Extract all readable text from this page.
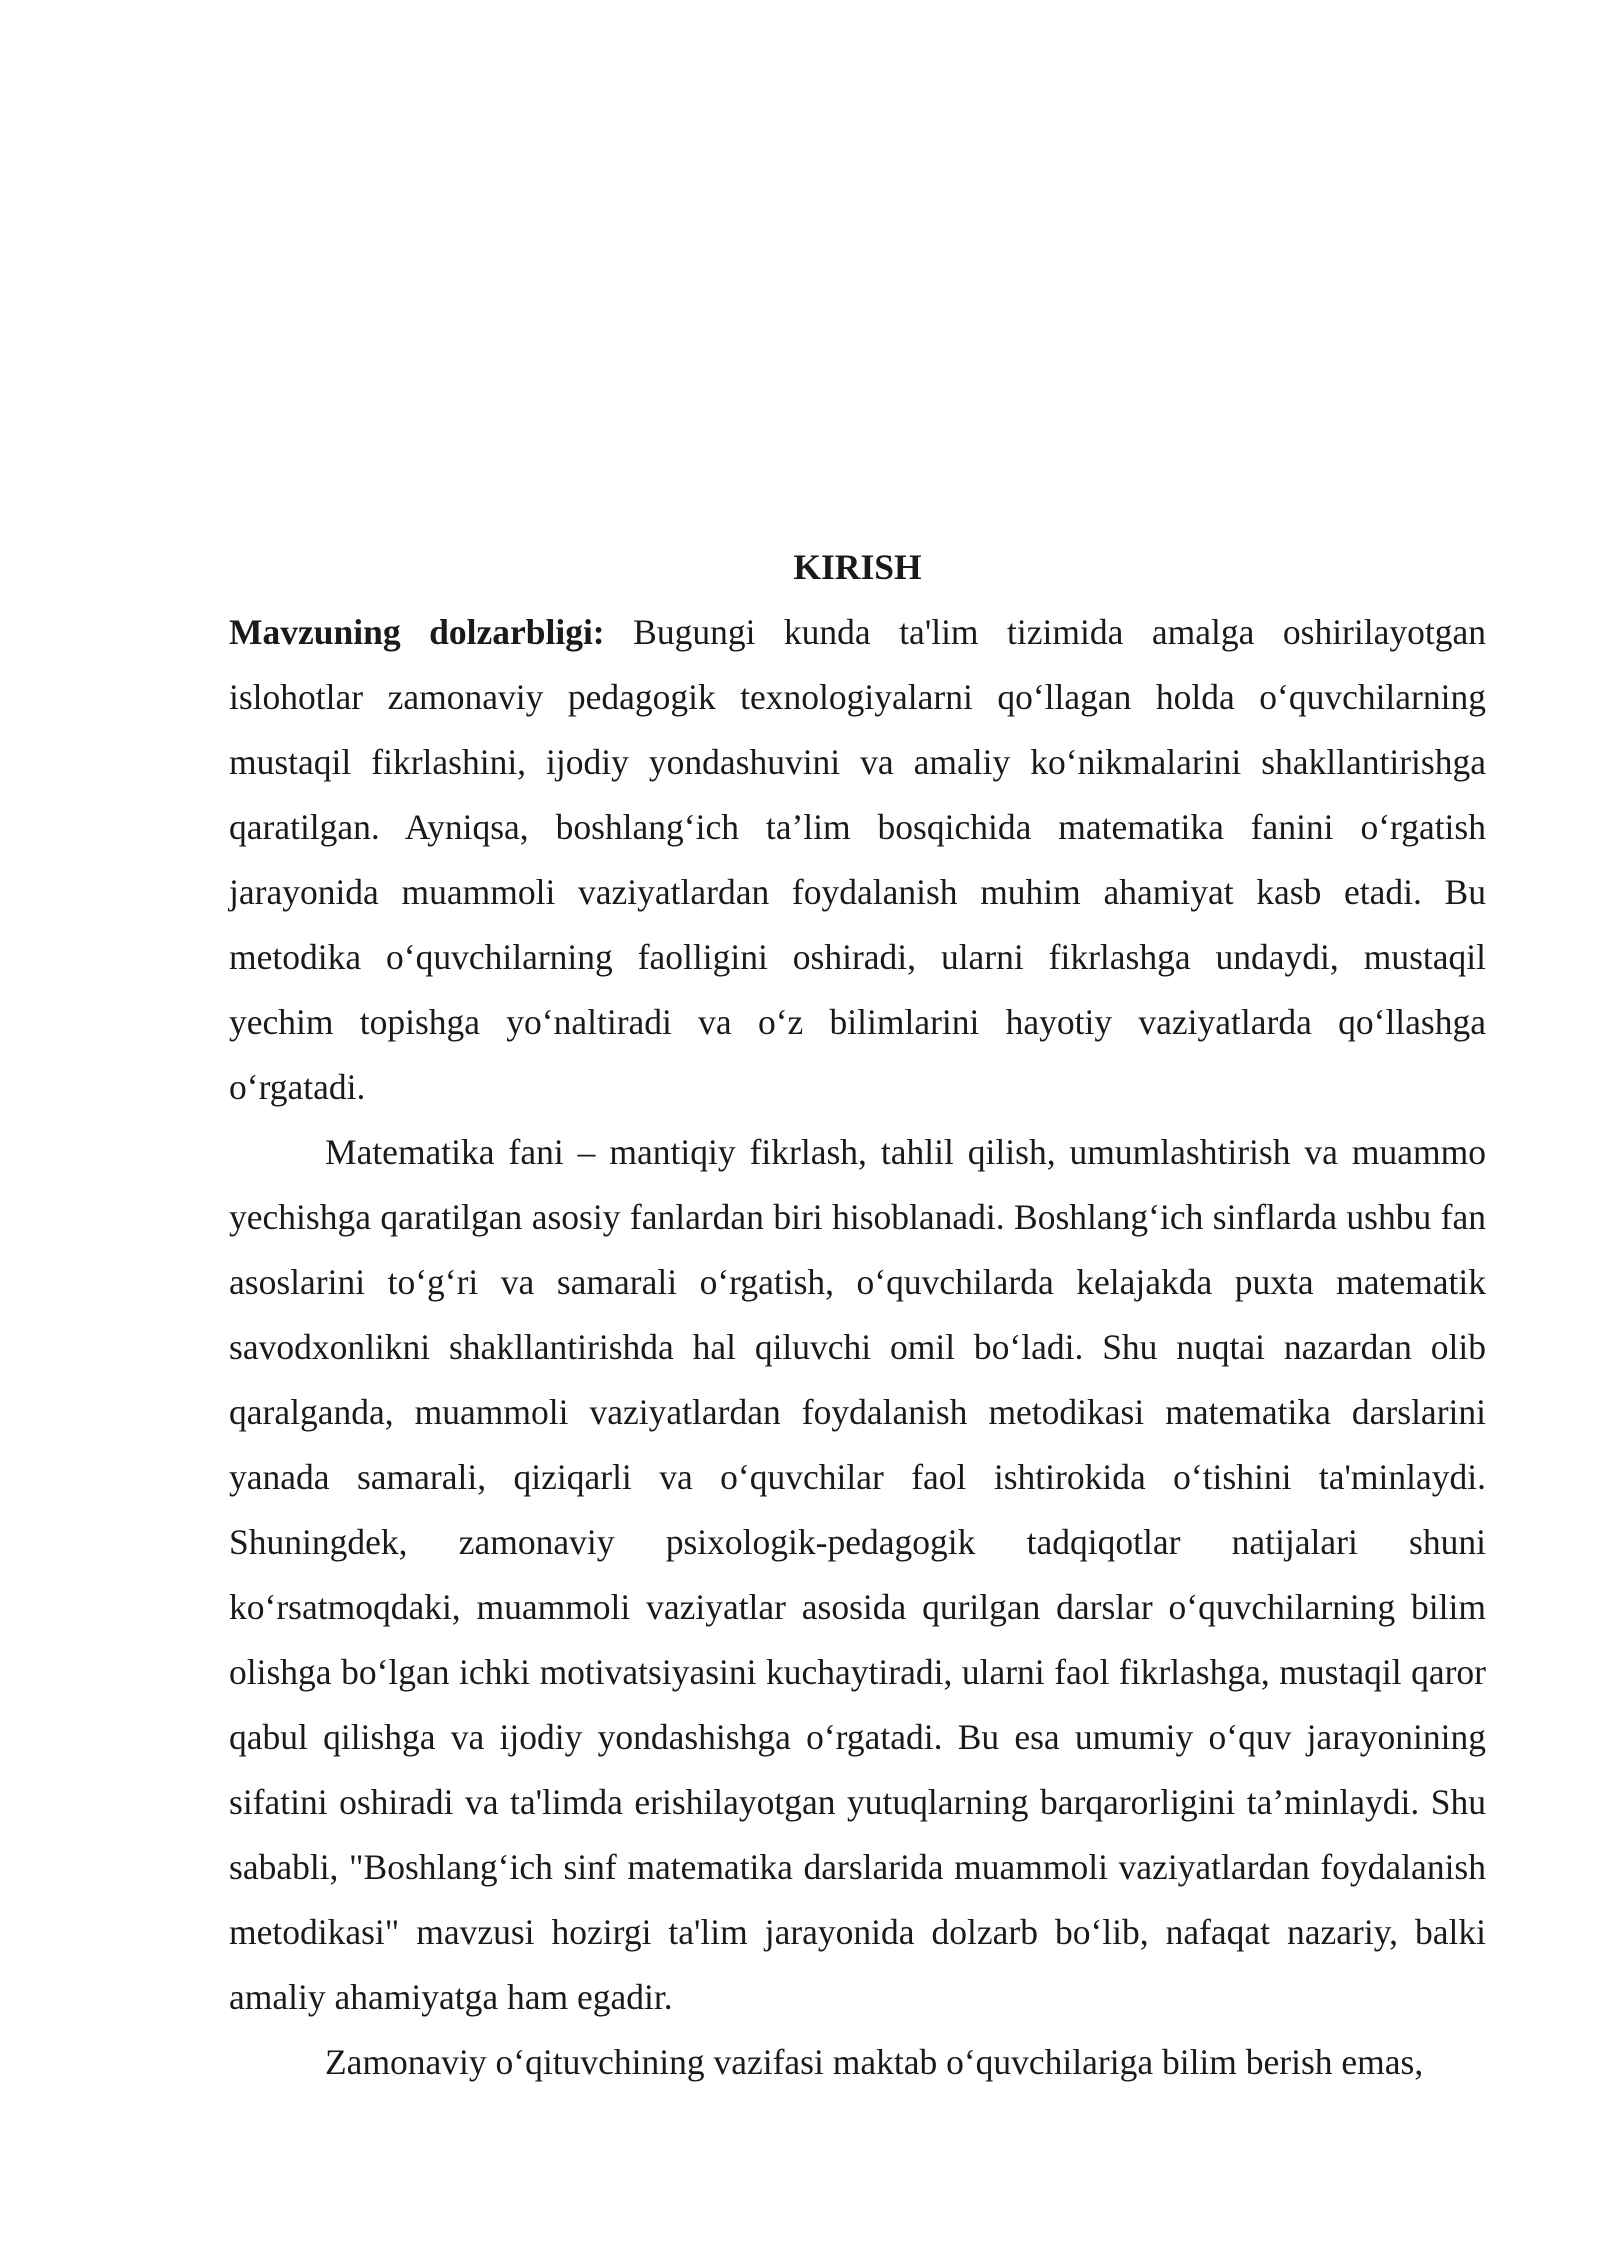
KIRISH

Mavzuning dolzarbligi: Bugungi kunda ta'lim tizimida amalga oshirilayotgan islohotlar zamonaviy pedagogik texnologiyalarni qo‘llagan holda o‘quvchilarning mustaqil fikrlashini, ijodiy yondashuvini va amaliy ko‘nikmalarini shakllantirishga qaratilgan. Ayniqsa, boshlang‘ich ta’lim bosqichida matematika fanini o‘rgatish jarayonida muammoli vaziyatlardan foydalanish muhim ahamiyat kasb etadi. Bu metodika o‘quvchilarning faolligini oshiradi, ularni fikrlashga undaydi, mustaqil yechim topishga yo‘naltiradi va o‘z bilimlarini hayotiy vaziyatlarda qo‘llashga o‘rgatadi.

Matematika fani – mantiqiy fikrlash, tahlil qilish, umumlashtirish va muammo yechishga qaratilgan asosiy fanlardan biri hisoblanadi. Boshlang‘ich sinflarda ushbu fan asoslarini to‘g‘ri va samarali o‘rgatish, o‘quvchilarda kelajakda puxta matematik savodxonlikni shakllantirishda hal qiluvchi omil bo‘ladi. Shu nuqtai nazardan olib qaralganda, muammoli vaziyatlardan foydalanish metodikasi matematika darslarini yanada samarali, qiziqarli va o‘quvchilar faol ishtirokida o‘tishini ta'minlaydi. Shuningdek, zamonaviy psixologik-pedagogik tadqiqotlar natijalari shuni ko‘rsatmoqdaki, muammoli vaziyatlar asosida qurilgan darslar o‘quvchilarning bilim olishga bo‘lgan ichki motivatsiyasini kuchaytiradi, ularni faol fikrlashga, mustaqil qaror qabul qilishga va ijodiy yondashishga o‘rgatadi. Bu esa umumiy o‘quv jarayonining sifatini oshiradi va ta'limda erishilayotgan yutuqlarning barqarorligini ta’minlaydi. Shu sababli, "Boshlang‘ich sinf matematika darslarida muammoli vaziyatlardan foydalanish metodikasi" mavzusi hozirgi ta'lim jarayonida dolzarb bo‘lib, nafaqat nazariy, balki amaliy ahamiyatga ham egadir.

Zamonaviy o‘qituvchining vazifasi maktab o‘quvchilariga bilim berish emas,
